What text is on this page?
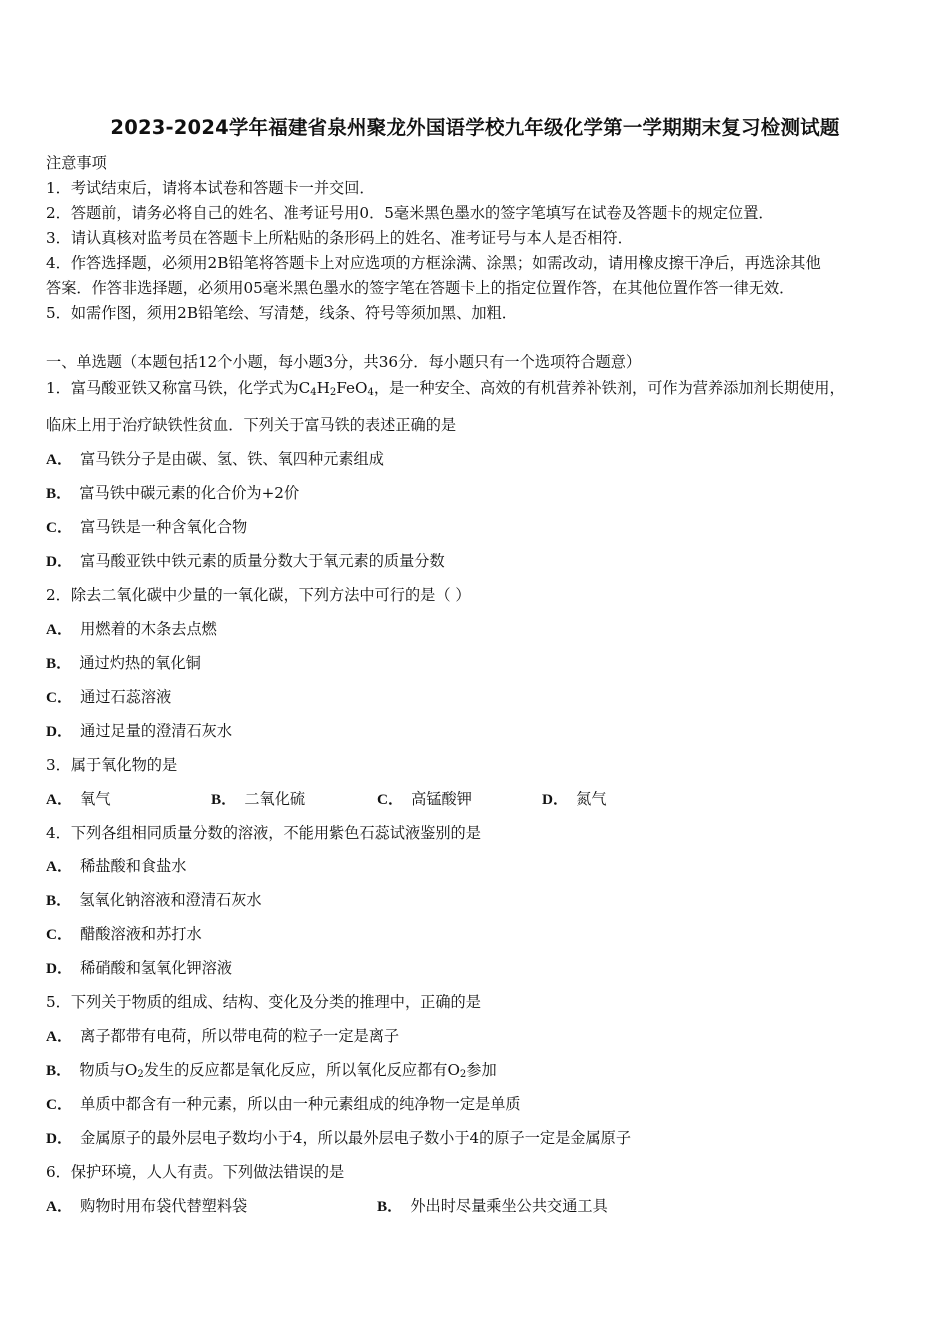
2023-2024学年福建省泉州聚龙外国语学校九年级化学第一学期期末复习检测试题
注意事项
1．考试结束后，请将本试卷和答题卡一并交回．
2．答题前，请务必将自己的姓名、准考证号用0．5毫米黑色墨水的签字笔填写在试卷及答题卡的规定位置．
3．请认真核对监考员在答题卡上所粘贴的条形码上的姓名、准考证号与本人是否相符．
4．作答选择题，必须用2B铅笔将答题卡上对应选项的方框涂满、涂黑；如需改动，请用橡皮擦干净后，再选涂其他
答案．作答非选择题，必须用05毫米黑色墨水的签字笔在答题卡上的指定位置作答，在其他位置作答一律无效．
5．如需作图，须用2B铅笔绘、写清楚，线条、符号等须加黑、加粗．
一、单选题（本题包括12个小题，每小题3分，共36分．每小题只有一个选项符合题意）
1．富马酸亚铁又称富马铁，化学式为$C_4H_2FeO_4$，是一种安全、高效的有机营养补铁剂，可作为营养添加剂长期使用，
临床上用于治疗缺铁性贫血．下列关于富马铁的表述正确的是
A． 富马铁分子是由碳、氢、铁、氧四种元素组成
B． 富马铁中碳元素的化合价为+2价
C． 富马铁是一种含氧化合物
D． 富马酸亚铁中铁元素的质量分数大于氧元素的质量分数
2．除去二氧化碳中少量的一氧化碳，下列方法中可行的是（ ）
A． 用燃着的木条去点燃
B． 通过灼热的氧化铜
C． 通过石蕊溶液
D． 通过足量的澄清石灰水
3．属于氧化物的是
A． 氧气	B． 二氧化硫	C． 高锰酸钾	D． 氮气
4．下列各组相同质量分数的溶液，不能用紫色石蕊试液鉴别的是
A． 稀盐酸和食盐水
B． 氢氧化钠溶液和澄清石灰水
C． 醋酸溶液和苏打水
D． 稀硝酸和氢氧化钾溶液
5．下列关于物质的组成、结构、变化及分类的推理中，正确的是
A． 离子都带有电荷，所以带电荷的粒子一定是离子
B． 物质与$O_2$发生的反应都是氧化反应，所以氧化反应都有$O_2$参加
C． 单质中都含有一种元素，所以由一种元素组成的纯净物一定是单质
D． 金属原子的最外层电子数均小于4，所以最外层电子数小于4的原子一定是金属原子
6．保护环境，人人有责。下列做法错误的是
A． 购物时用布袋代替塑料袋	B． 外出时尽量乘坐公共交通工具
